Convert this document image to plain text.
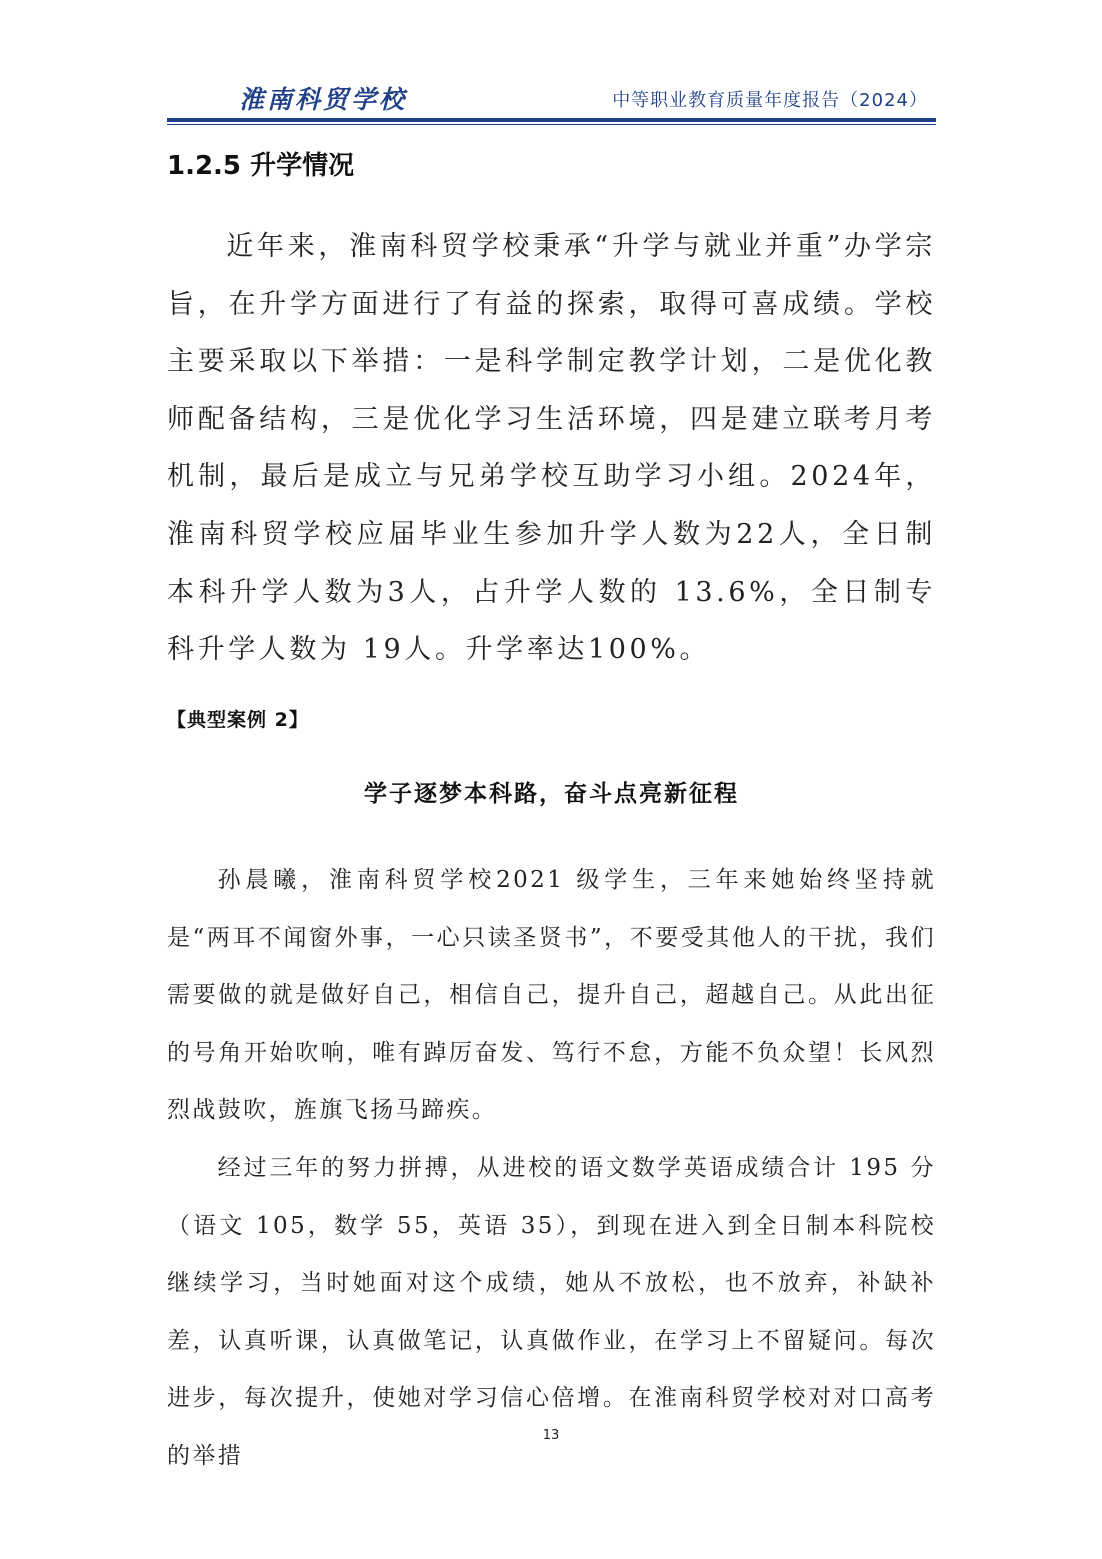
淮南科贸学校	中等职业教育质量年度报告（2024）
1.2.5 升学情况

近年来，淮南科贸学校秉承“升学与就业并重”办学宗旨，在升学方面进行了有益的探索，取得可喜成绩。学校主要采取以下举措：一是科学制定教学计划，二是优化教师配备结构，三是优化学习生活环境，四是建立联考月考机制，最后是成立与兄弟学校互助学习小组。2024年，淮南科贸学校应届毕业生参加升学人数为22人，全日制本科升学人数为3人，占升学人数的 13.6%，全日制专科升学人数为 19人。升学率达100%。

【典型案例 2】
学子逐梦本科路，奋斗点亮新征程

孙晨曦，淮南科贸学校2021 级学生，三年来她始终坚持就是“两耳不闻窗外事，一心只读圣贤书”，不要受其他人的干扰，我们需要做的就是做好自己，相信自己，提升自己，超越自己。从此出征的号角开始吹响，唯有踔厉奋发、笃行不怠，方能不负众望！长风烈烈战鼓吹，旌旗飞扬马蹄疾。

经过三年的努力拼搏，从进校的语文数学英语成绩合计 195 分（语文 105，数学 55，英语 35），到现在进入到全日制本科院校继续学习，当时她面对这个成绩，她从不放松，也不放弃，补缺补差，认真听课，认真做笔记，认真做作业，在学习上不留疑问。每次进步，每次提升，使她对学习信心倍增。在淮南科贸学校对对口高考的举措

13
